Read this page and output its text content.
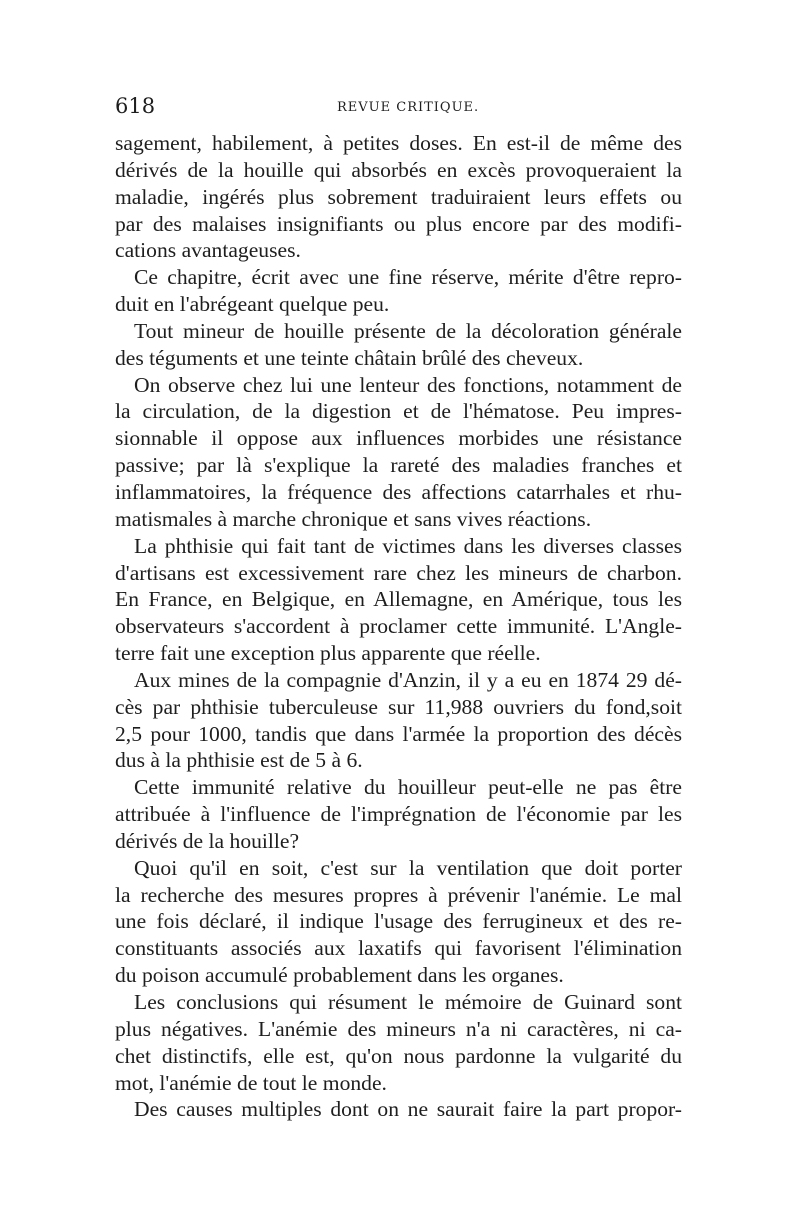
618	REVUE CRITIQUE.
sagement, habilement, à petites doses. En est-il de même des
dérivés de la houille qui absorbés en excès provoqueraient la
maladie, ingérés plus sobrement traduiraient leurs effets ou
par des malaises insignifiants ou plus encore par des modifi-
cations avantageuses.
Ce chapitre, écrit avec une fine réserve, mérite d'être repro-
duit en l'abrégeant quelque peu.
Tout mineur de houille présente de la décoloration générale
des téguments et une teinte châtain brûlé des cheveux.
On observe chez lui une lenteur des fonctions, notamment de
la circulation, de la digestion et de l'hématose. Peu impres-
sionnable il oppose aux influences morbides une résistance
passive; par là s'explique la rareté des maladies franches et
inflammatoires, la fréquence des affections catarrhales et rhu-
matismales à marche chronique et sans vives réactions.
La phthisie qui fait tant de victimes dans les diverses classes
d'artisans est excessivement rare chez les mineurs de charbon.
En France, en Belgique, en Allemagne, en Amérique, tous les
observateurs s'accordent à proclamer cette immunité. L'Angle-
terre fait une exception plus apparente que réelle.
Aux mines de la compagnie d'Anzin, il y a eu en 1874 29 dé-
cès par phthisie tuberculeuse sur 11,988 ouvriers du fond,soit
2,5 pour 1000, tandis que dans l'armée la proportion des décès
dus à la phthisie est de 5 à 6.
Cette immunité relative du houilleur peut-elle ne pas être
attribuée à l'influence de l'imprégnation de l'économie par les
dérivés de la houille?
Quoi qu'il en soit, c'est sur la ventilation que doit porter
la recherche des mesures propres à prévenir l'anémie. Le mal
une fois déclaré, il indique l'usage des ferrugineux et des re-
constituants associés aux laxatifs qui favorisent l'élimination
du poison accumulé probablement dans les organes.
Les conclusions qui résument le mémoire de Guinard sont
plus négatives. L'anémie des mineurs n'a ni caractères, ni ca-
chet distinctifs, elle est, qu'on nous pardonne la vulgarité du
mot, l'anémie de tout le monde.
Des causes multiples dont on ne saurait faire la part propor-
